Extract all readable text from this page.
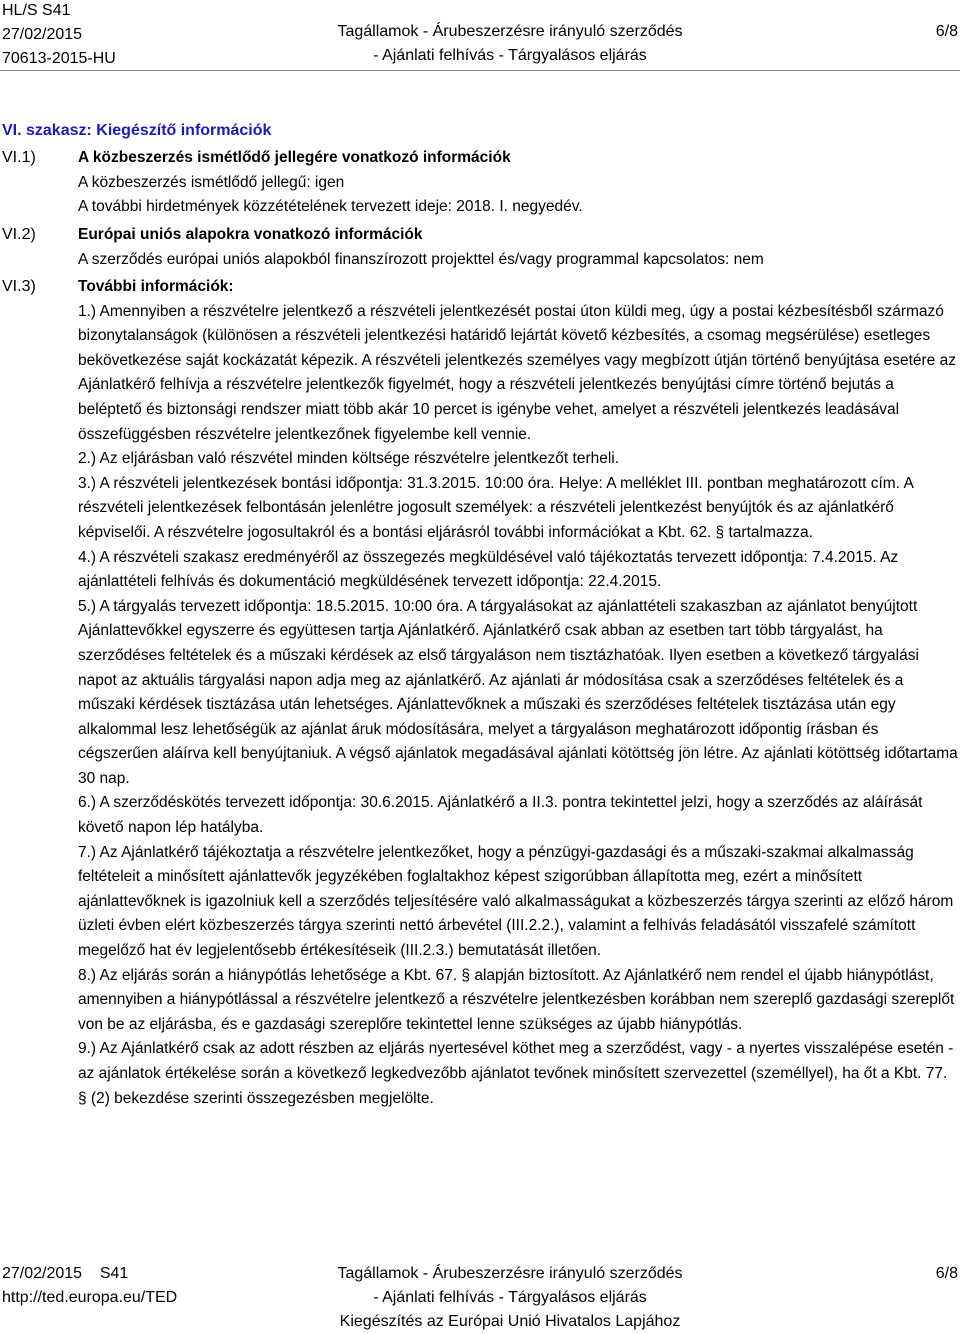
HL/S S41
27/02/2015
70613-2015-HU
Tagállamok - Árubeszerzésre irányuló szerződés
- Ajánlati felhívás - Tárgyalásos eljárás
6/8
VI. szakasz: Kiegészítő információk
VI.1)	A közbeszerzés ismétlődő jellegére vonatkozó információk
A közbeszerzés ismétlődő jellegű: igen
A további hirdetmények közzétételének tervezett ideje: 2018. I. negyedév.
VI.2)	Európai uniós alapokra vonatkozó információk
A szerződés európai uniós alapokból finanszírozott projekttel és/vagy programmal kapcsolatos: nem
VI.3)	További információk:

1.) Amennyiben a részvételre jelentkező a részvételi jelentkezését postai úton küldi meg, úgy a postai kézbesítésből származó bizonytalanságok (különösen a részvételi jelentkezési határidő lejártát követő kézbesítés, a csomag megsérülése) esetleges bekövetkezése saját kockázatát képezik. A részvételi jelentkezés személyes vagy megbízott útján történő benyújtása esetére az Ajánlatkérő felhívja a részvételre jelentkezők figyelmét, hogy a részvételi jelentkezés benyújtási címre történő bejutás a beléptető és biztonsági rendszer miatt több akár 10 percet is igénybe vehet, amelyet a részvételi jelentkezés leadásával összefüggésben részvételre jelentkezőnek figyelembe kell vennie.

2.) Az eljárásban való részvétel minden költsége részvételre jelentkezőt terheli.

3.) A részvételi jelentkezések bontási időpontja: 31.3.2015. 10:00 óra. Helye: A melléklet III. pontban meghatározott cím. A részvételi jelentkezések felbontásán jelenlétre jogosult személyek: a részvételi jelentkezést benyújtók és az ajánlatkérő képviselői. A részvételre jogosultakról és a bontási eljárásról további információkat a Kbt. 62. § tartalmazza.

4.) A részvételi szakasz eredményéről az összegezés megküldésével való tájékoztatás tervezett időpontja: 7.4.2015. Az ajánlattételi felhívás és dokumentáció megküldésének tervezett időpontja: 22.4.2015.

5.) A tárgyalás tervezett időpontja: 18.5.2015. 10:00 óra. A tárgyalásokat az ajánlattételi szakaszban az ajánlatot benyújtott Ajánlattevőkkel egyszerre és együttesen tartja Ajánlatkérő. Ajánlatkérő csak abban az esetben tart több tárgyalást, ha szerződéses feltételek és a műszaki kérdések az első tárgyaláson nem tisztázhatóak. Ilyen esetben a következő tárgyalási napot az aktuális tárgyalási napon adja meg az ajánlatkérő. Az ajánlati ár módosítása csak a szerződéses feltételek és a műszaki kérdések tisztázása után lehetséges. Ajánlattevőknek a műszaki és szerződéses feltételek tisztázása után egy alkalommal lesz lehetőségük az ajánlat áruk módosítására, melyet a tárgyaláson meghatározott időpontig írásban és cégszerűen aláírva kell benyújtaniuk. A végső ajánlatok megadásával ajánlati kötöttség jön létre. Az ajánlati kötöttség időtartama 30 nap.

6.) A szerződéskötés tervezett időpontja: 30.6.2015. Ajánlatkérő a II.3. pontra tekintettel jelzi, hogy a szerződés az aláírását követő napon lép hatályba.

7.) Az Ajánlatkérő tájékoztatja a részvételre jelentkezőket, hogy a pénzügyi-gazdasági és a műszaki-szakmai alkalmasság feltételeit a minősített ajánlattevők jegyzékében foglaltakhoz képest szigorúbban állapította meg, ezért a minősített ajánlattevőknek is igazolniuk kell a szerződés teljesítésére való alkalmasságukat a közbeszerzés tárgya szerinti az előző három üzleti évben elért közbeszerzés tárgya szerinti nettó árbevétel (III.2.2.), valamint a felhívás feladásától visszafelé számított megelőző hat év legjelentősebb értékesítéseik (III.2.3.) bemutatását illetően.

8.) Az eljárás során a hiánypótlás lehetősége a Kbt. 67. § alapján biztosított. Az Ajánlatkérő nem rendel el újabb hiánypótlást, amennyiben a hiánypótlással a részvételre jelentkező a részvételre jelentkezésben korábban nem szereplő gazdasági szereplőt von be az eljárásba, és e gazdasági szereplőre tekintettel lenne szükséges az újabb hiánypótlás.

9.) Az Ajánlatkérő csak az adott részben az eljárás nyertesével köthet meg a szerződést, vagy - a nyertes visszalépése esetén - az ajánlatok értékelése során a következő legkedvezőbb ajánlatot tevőnek minősített szervezettel (személlyel), ha őt a Kbt. 77. § (2) bekezdése szerinti összegezésben megjelölte.

27/02/2015 S41
http://ted.europa.eu/TED
Tagállamok - Árubeszerzésre irányuló szerződés
- Ajánlati felhívás - Tárgyalásos eljárás
Kiegészítés az Európai Unió Hivatalos Lapjához
6/8
